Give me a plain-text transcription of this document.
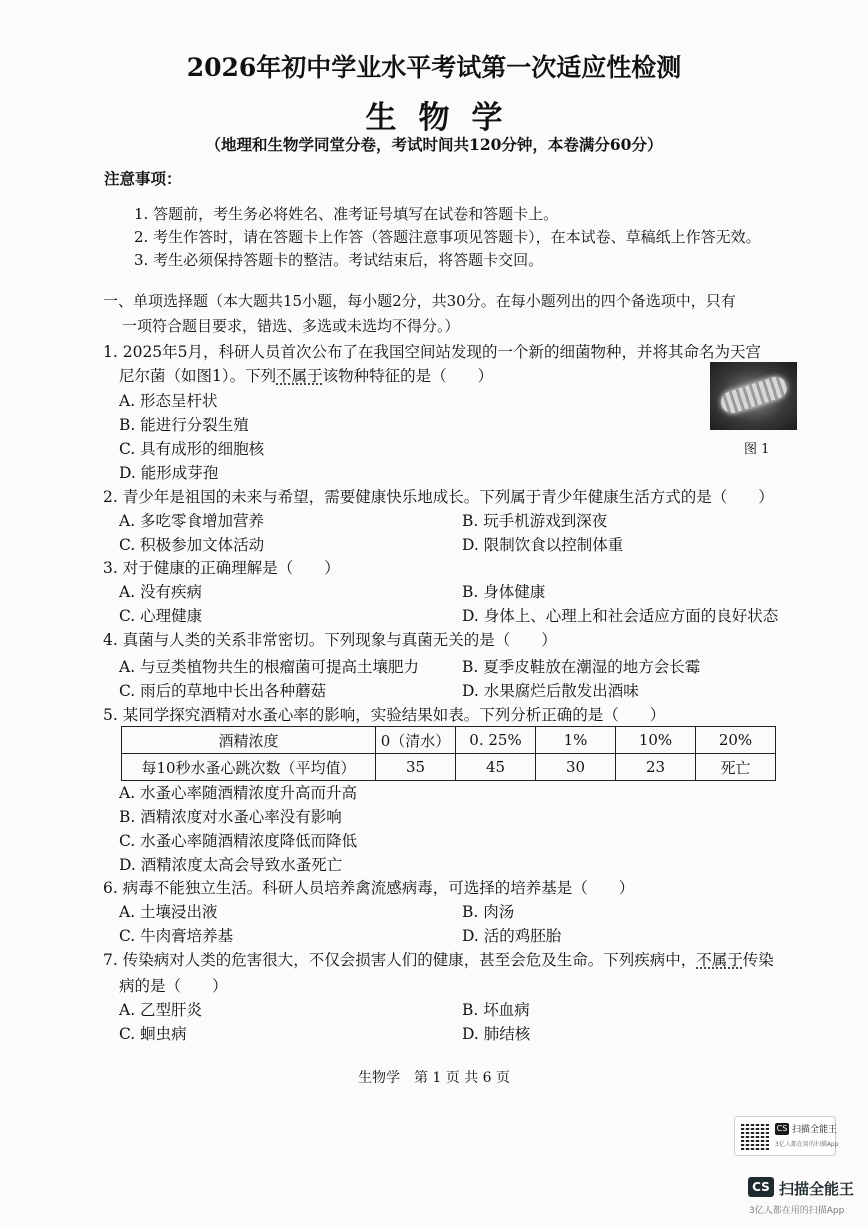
2026年初中学业水平考试第一次适应性检测
生物学
（地理和生物学同堂分卷，考试时间共120分钟，本卷满分60分）
注意事项：
1. 答题前，考生务必将姓名、准考证号填写在试卷和答题卡上。
2. 考生作答时，请在答题卡上作答（答题注意事项见答题卡），在本试卷、草稿纸上作答无效。
3. 考生必须保持答题卡的整洁。考试结束后，将答题卡交回。
一、单项选择题（本大题共15小题，每小题2分，共30分。在每小题列出的四个备选项中，只有
一项符合题目要求，错选、多选或未选均不得分。）
1. 2025年5月，科研人员首次公布了在我国空间站发现的一个新的细菌物种，并将其命名为天宫
尼尔菌（如图1）。下列不属于该物种特征的是（　　）
A. 形态呈杆状
B. 能进行分裂生殖
C. 具有成形的细胞核
D. 能形成芽孢
图 1
2. 青少年是祖国的未来与希望，需要健康快乐地成长。下列属于青少年健康生活方式的是（　　）
A. 多吃零食增加营养	B. 玩手机游戏到深夜
C. 积极参加文体活动	D. 限制饮食以控制体重
3. 对于健康的正确理解是（　　）
A. 没有疾病	B. 身体健康
C. 心理健康	D. 身体上、心理上和社会适应方面的良好状态
4. 真菌与人类的关系非常密切。下列现象与真菌无关的是（　　）
A. 与豆类植物共生的根瘤菌可提高土壤肥力	B. 夏季皮鞋放在潮湿的地方会长霉
C. 雨后的草地中长出各种蘑菇	D. 水果腐烂后散发出酒味
5. 某同学探究酒精对水蚤心率的影响，实验结果如表。下列分析正确的是（　　）
酒精浓度	0（清水）	0. 25%	1%	10%	20%
每10秒水蚤心跳次数（平均值）	35	45	30	23	死亡
A. 水蚤心率随酒精浓度升高而升高
B. 酒精浓度对水蚤心率没有影响
C. 水蚤心率随酒精浓度降低而降低
D. 酒精浓度太高会导致水蚤死亡
6. 病毒不能独立生活。科研人员培养禽流感病毒，可选择的培养基是（　　）
A. 土壤浸出液	B. 肉汤
C. 牛肉膏培养基	D. 活的鸡胚胎
7. 传染病对人类的危害很大，不仅会损害人们的健康，甚至会危及生命。下列疾病中，不属于传染
病的是（　　）
A. 乙型肝炎	B. 坏血病
C. 蛔虫病	D. 肺结核
生物学　第 1 页 共 6 页
CS 扫描全能王
3亿人都在用的扫描App
CS 扫描全能王
3亿人都在用的扫描App
